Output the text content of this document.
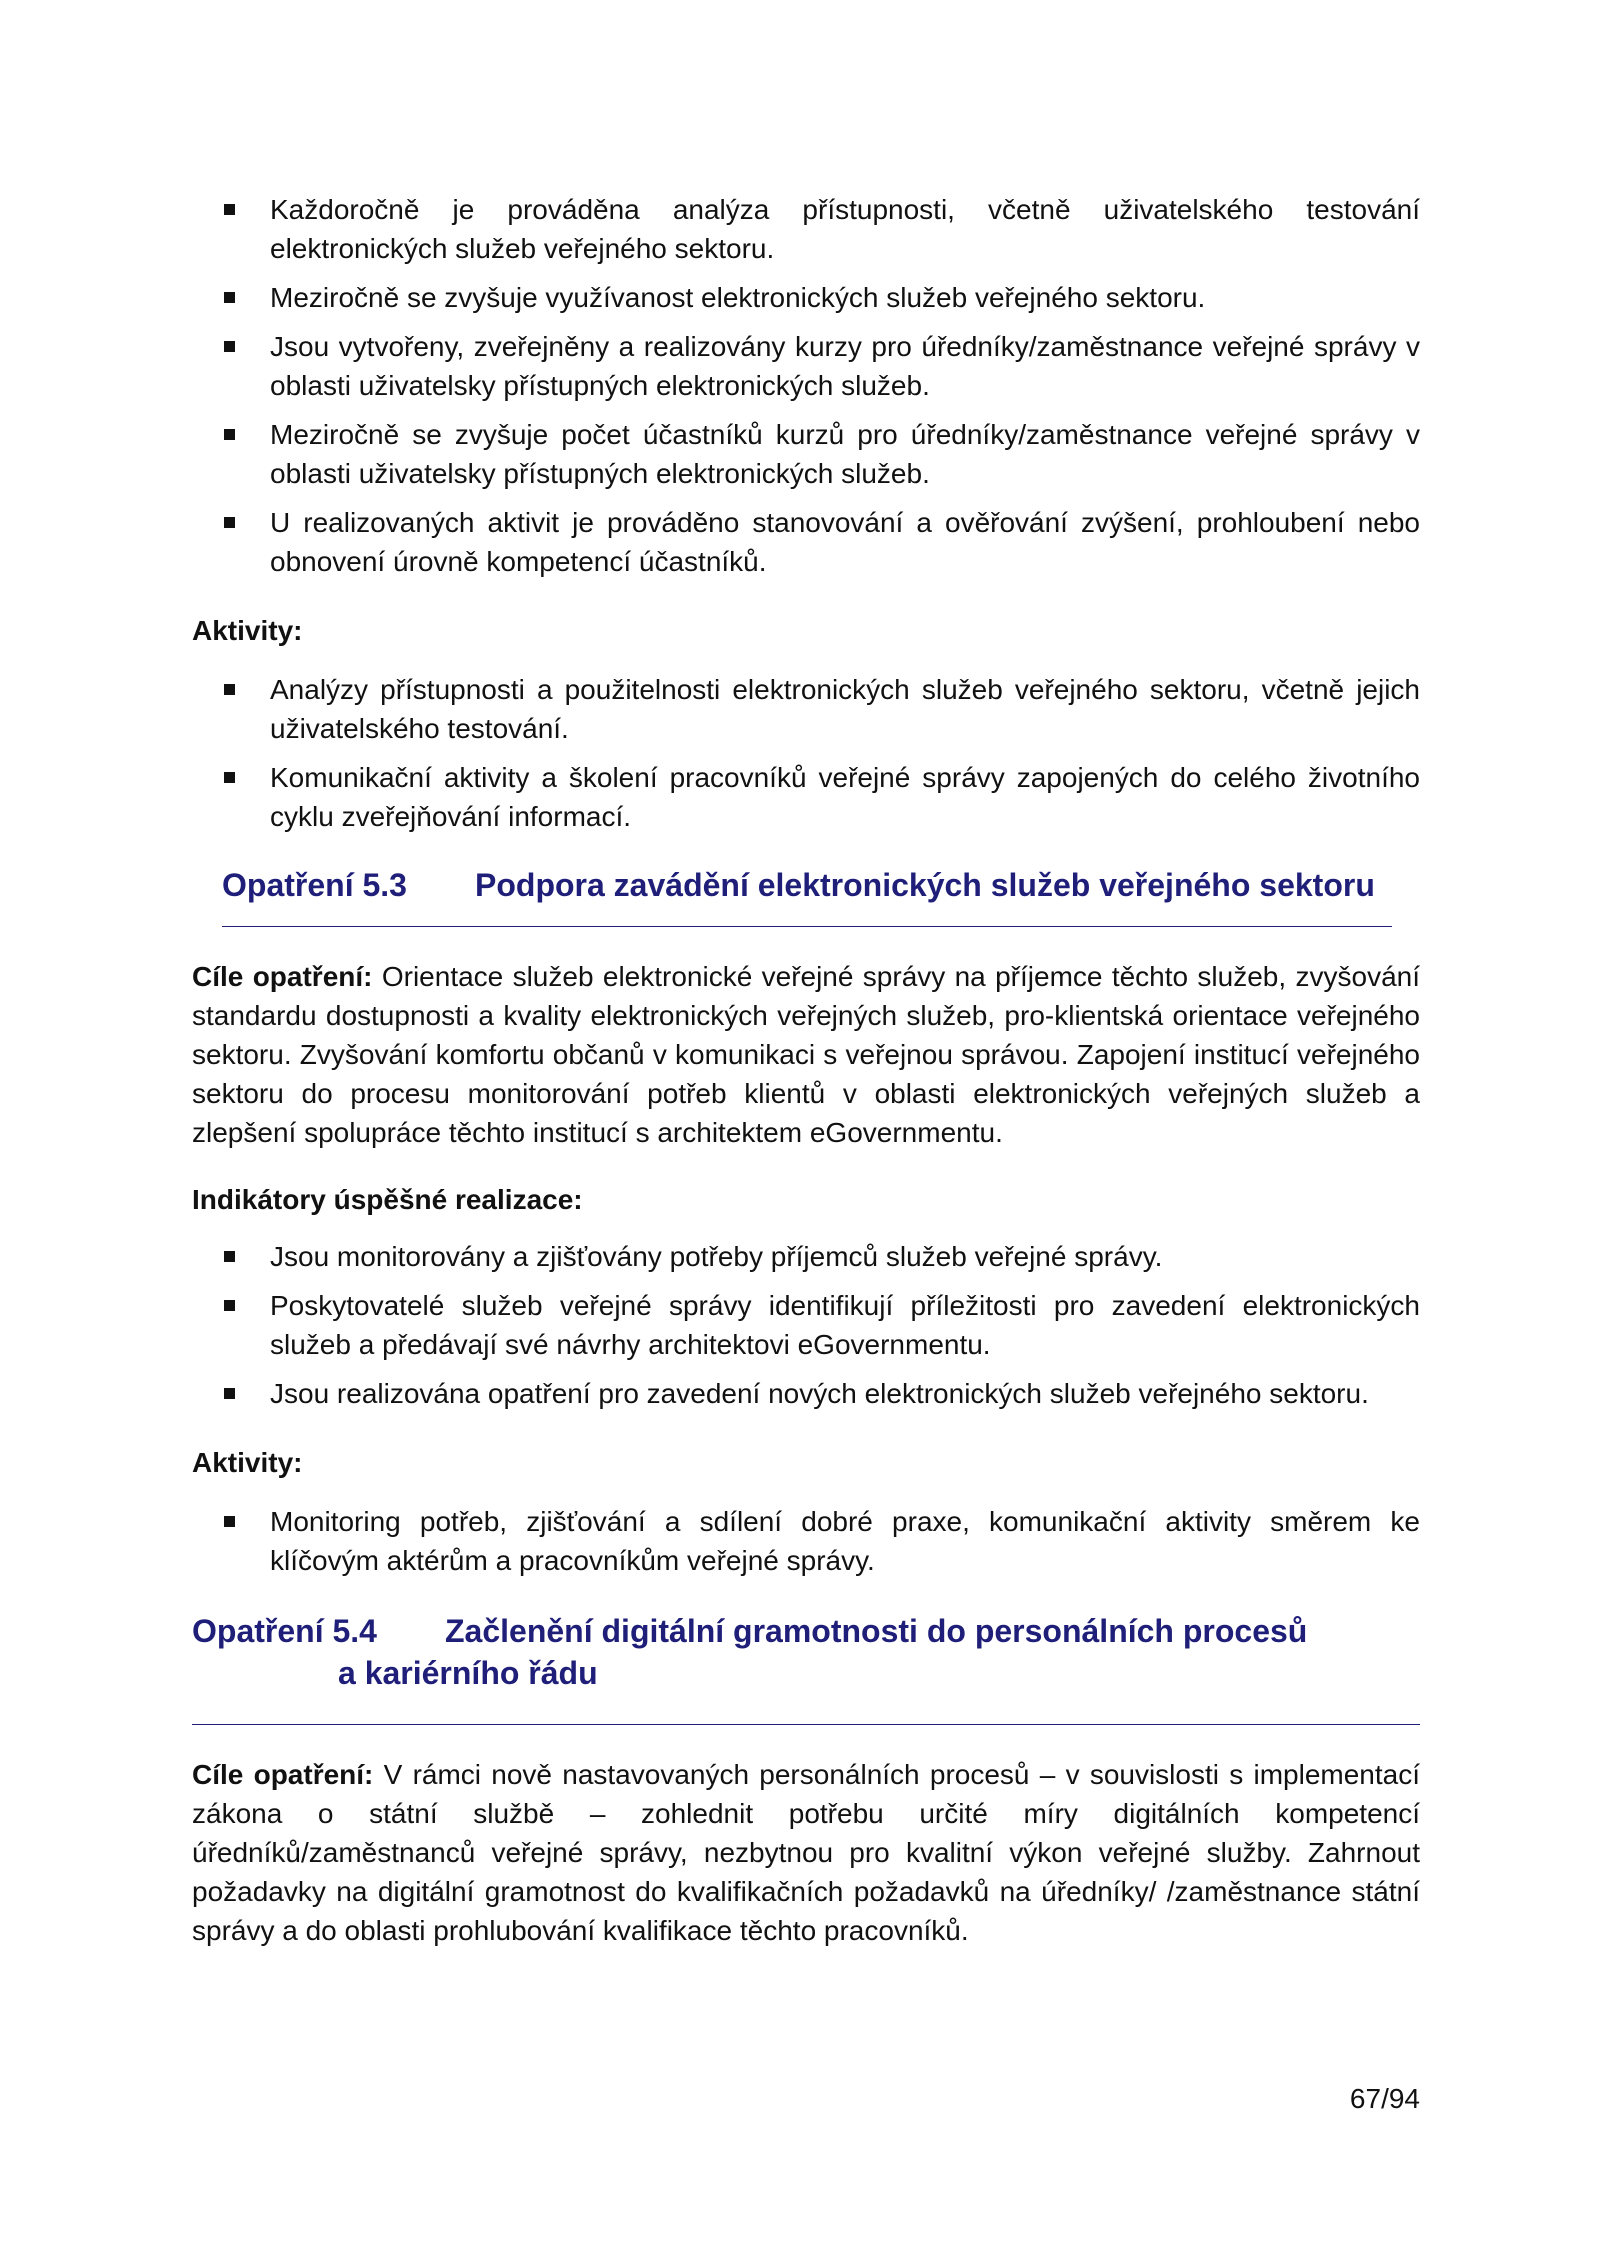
Každoročně je prováděna analýza přístupnosti, včetně uživatelského testování elektronických služeb veřejného sektoru.
Meziročně se zvyšuje využívanost elektronických služeb veřejného sektoru.
Jsou vytvořeny, zveřejněny a realizovány kurzy pro úředníky/zaměstnance veřejné správy v oblasti uživatelsky přístupných elektronických služeb.
Meziročně se zvyšuje počet účastníků kurzů pro úředníky/zaměstnance veřejné správy v oblasti uživatelsky přístupných elektronických služeb.
U realizovaných aktivit je prováděno stanovování a ověřování zvýšení, prohloubení nebo obnovení úrovně kompetencí účastníků.

Aktivity:

Analýzy přístupnosti a použitelnosti elektronických služeb veřejného sektoru, včetně jejich uživatelského testování.
Komunikační aktivity a školení pracovníků veřejné správy zapojených do celého životního cyklu zveřejňování informací.

Opatření 5.3 Podpora zavádění elektronických služeb veřejného sektoru

Cíle opatření: Orientace služeb elektronické veřejné správy na příjemce těchto služeb, zvyšování standardu dostupnosti a kvality elektronických veřejných služeb, pro-klientská orientace veřejného sektoru. Zvyšování komfortu občanů v komunikaci s veřejnou správou. Zapojení institucí veřejného sektoru do procesu monitorování potřeb klientů v oblasti elektronických veřejných služeb a zlepšení spolupráce těchto institucí s architektem eGovernmentu.

Indikátory úspěšné realizace:

Jsou monitorovány a zjišťovány potřeby příjemců služeb veřejné správy.
Poskytovatelé služeb veřejné správy identifikují příležitosti pro zavedení elektronických služeb a předávají své návrhy architektovi eGovernmentu.
Jsou realizována opatření pro zavedení nových elektronických služeb veřejného sektoru.

Aktivity:

Monitoring potřeb, zjišťování a sdílení dobré praxe, komunikační aktivity směrem ke klíčovým aktérům a pracovníkům veřejné správy.

Opatření 5.4 Začlenění digitální gramotnosti do personálních procesů

a kariérního řádu

Cíle opatření: V rámci nově nastavovaných personálních procesů – v souvislosti s implementací zákona o státní službě – zohlednit potřebu určité míry digitálních kompetencí úředníků/zaměstnanců veřejné správy, nezbytnou pro kvalitní výkon veřejné služby. Zahrnout požadavky na digitální gramotnost do kvalifikačních požadavků na úředníky/ /zaměstnance státní správy a do oblasti prohlubování kvalifikace těchto pracovníků.

67/94
